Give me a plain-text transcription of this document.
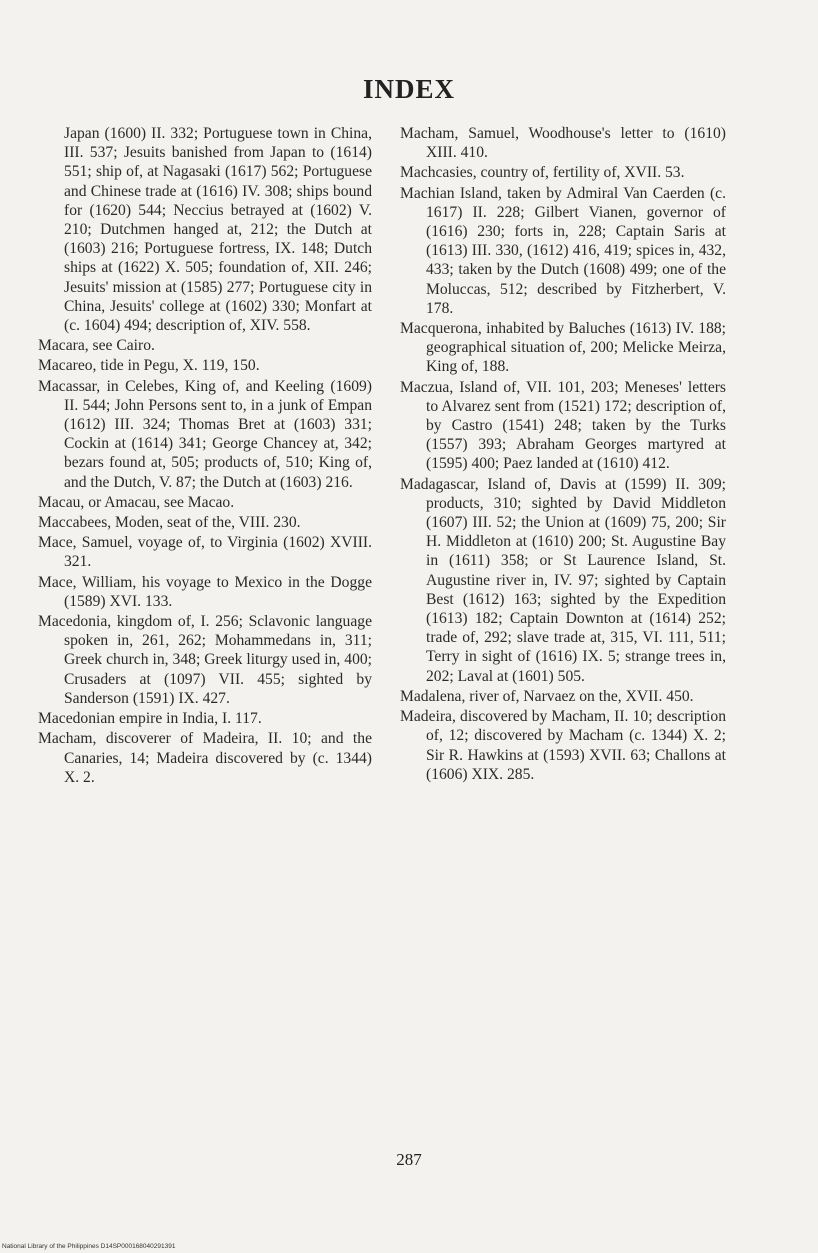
INDEX

Japan (1600) II. 332; Portuguese town in China, III. 537; Jesuits banished from Japan to (1614) 551; ship of, at Nagasaki (1617) 562; Portuguese and Chinese trade at (1616) IV. 308; ships bound for (1620) 544; Neccius betrayed at (1602) V. 210; Dutchmen hanged at, 212; the Dutch at (1603) 216; Portuguese fortress, IX. 148; Dutch ships at (1622) X. 505; foundation of, XII. 246; Jesuits' mission at (1585) 277; Portuguese city in China, Jesuits' college at (1602) 330; Monfart at (c. 1604) 494; description of, XIV. 558.

Macara, see Cairo.

Macareo, tide in Pegu, X. 119, 150.

Macassar, in Celebes, King of, and Keeling (1609) II. 544; John Persons sent to, in a junk of Empan (1612) III. 324; Thomas Bret at (1603) 331; Cockin at (1614) 341; George Chancey at, 342; bezars found at, 505; products of, 510; King of, and the Dutch, V. 87; the Dutch at (1603) 216.

Macau, or Amacau, see Macao.

Maccabees, Moden, seat of the, VIII. 230.

Mace, Samuel, voyage of, to Virginia (1602) XVIII. 321.

Mace, William, his voyage to Mexico in the Dogge (1589) XVI. 133.

Macedonia, kingdom of, I. 256; Sclavonic language spoken in, 261, 262; Mohammedans in, 311; Greek church in, 348; Greek liturgy used in, 400; Crusaders at (1097) VII. 455; sighted by Sanderson (1591) IX. 427.

Macedonian empire in India, I. 117.

Macham, discoverer of Madeira, II. 10; and the Canaries, 14; Madeira discovered by (c. 1344) X. 2.

Macham, Samuel, Woodhouse's letter to (1610) XIII. 410.

Machcasies, country of, fertility of, XVII. 53.

Machian Island, taken by Admiral Van Caerden (c. 1617) II. 228; Gilbert Vianen, governor of (1616) 230; forts in, 228; Captain Saris at (1613) III. 330, (1612) 416, 419; spices in, 432, 433; taken by the Dutch (1608) 499; one of the Moluccas, 512; described by Fitzherbert, V. 178.

Macquerona, inhabited by Baluches (1613) IV. 188; geographical situation of, 200; Melicke Meirza, King of, 188.

Maczua, Island of, VII. 101, 203; Meneses' letters to Alvarez sent from (1521) 172; description of, by Castro (1541) 248; taken by the Turks (1557) 393; Abraham Georges martyred at (1595) 400; Paez landed at (1610) 412.

Madagascar, Island of, Davis at (1599) II. 309; products, 310; sighted by David Middleton (1607) III. 52; the Union at (1609) 75, 200; Sir H. Middleton at (1610) 200; St. Augustine Bay in (1611) 358; or St Laurence Island, St. Augustine river in, IV. 97; sighted by Captain Best (1612) 163; sighted by the Expedition (1613) 182; Captain Downton at (1614) 252; trade of, 292; slave trade at, 315, VI. 111, 511; Terry in sight of (1616) IX. 5; strange trees in, 202; Laval at (1601) 505.

Madalena, river of, Narvaez on the, XVII. 450.

Madeira, discovered by Macham, II. 10; description of, 12; discovered by Macham (c. 1344) X. 2; Sir R. Hawkins at (1593) XVII. 63; Challons at (1606) XIX. 285.

287
National Library of the Philippines D14SP000168040291391
